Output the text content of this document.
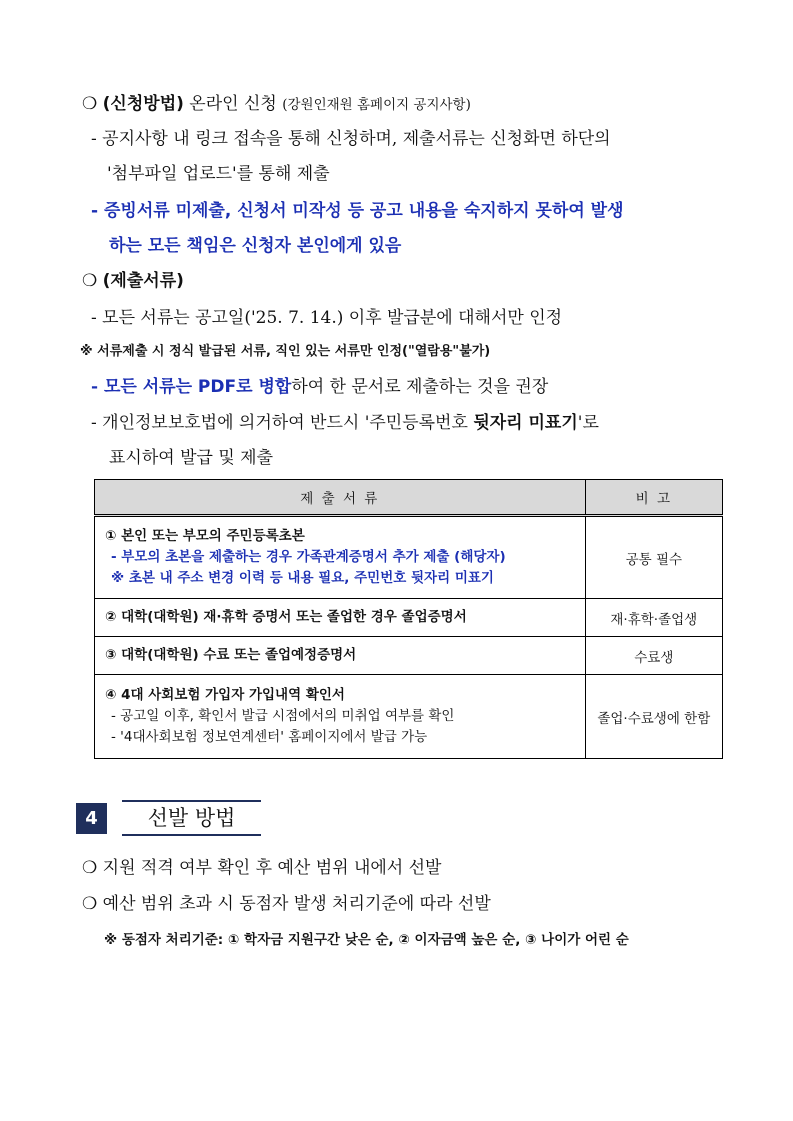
❍ (신청방법) 온라인 신청 (강원인재원 홈페이지 공지사항)
- 공지사항 내 링크 접속을 통해 신청하며, 제출서류는 신청화면 하단의
'첨부파일 업로드'를 통해 제출
- 증빙서류 미제출, 신청서 미작성 등 공고 내용을 숙지하지 못하여 발생
하는 모든 책임은 신청자 본인에게 있음
❍ (제출서류)
- 모든 서류는 공고일('25. 7. 14.) 이후 발급분에 대해서만 인정
※ 서류제출 시 정식 발급된 서류, 직인 있는 서류만 인정("열람용"불가)
- 모든 서류는 PDF로 병합하여 한 문서로 제출하는 것을 권장
- 개인정보보호법에 의거하여 반드시 '주민등록번호 뒷자리 미표기'로
표시하여 발급 및 제출
제 출 서 류	비 고

① 본인 또는 부모의 주민등록초본
- 부모의 초본을 제출하는 경우 가족관계증명서 추가 제출 (해당자)
※ 초본 내 주소 변경 이력 등 내용 필요, 주민번호 뒷자리 미표기	공통 필수

② 대학(대학원) 재·휴학 증명서 또는 졸업한 경우 졸업증명서	재·휴학·졸업생

③ 대학(대학원) 수료 또는 졸업예정증명서	수료생

④ 4대 사회보험 가입자 가입내역 확인서
- 공고일 이후, 확인서 발급 시점에서의 미취업 여부를 확인
- '4대사회보험 정보연계센터' 홈페이지에서 발급 가능	졸업·수료생에 한함
4	선발 방법
❍ 지원 적격 여부 확인 후 예산 범위 내에서 선발
❍ 예산 범위 초과 시 동점자 발생 처리기준에 따라 선발
※ 동점자 처리기준: ① 학자금 지원구간 낮은 순, ② 이자금액 높은 순, ③ 나이가 어린 순
